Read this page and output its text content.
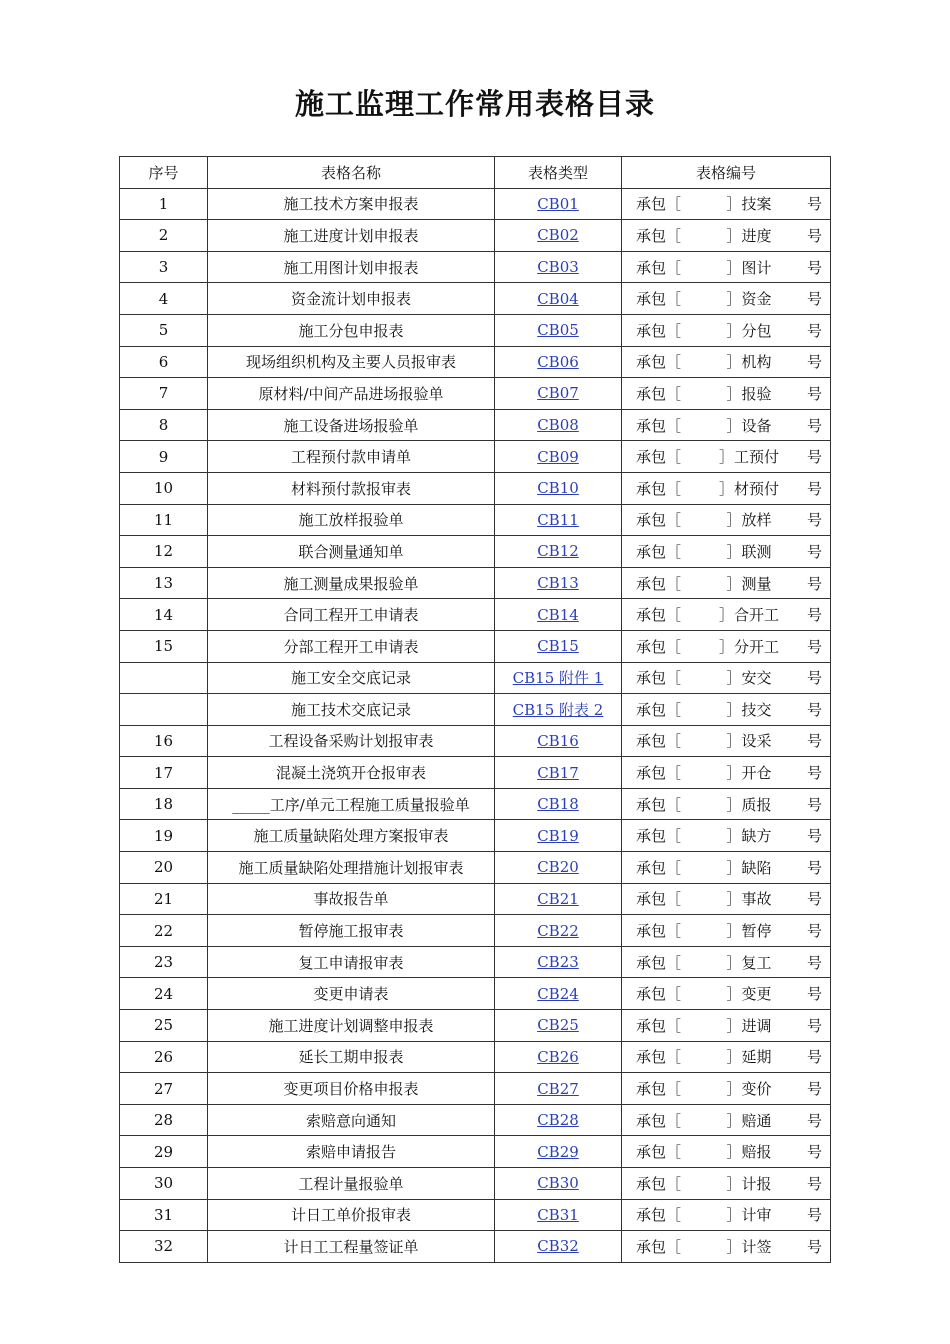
施工监理工作常用表格目录
序号	表格名称	表格类型	表格编号
1	施工技术方案申报表	CB01	承包［ ］技案 号

2	施工进度计划申报表	CB02	承包［ ］进度 号

3	施工用图计划申报表	CB03	承包［ ］图计 号

4	资金流计划申报表	CB04	承包［ ］资金 号

5	施工分包申报表	CB05	承包［ ］分包 号

6	现场组织机构及主要人员报审表	CB06	承包［ ］机构 号

7	原材料/中间产品进场报验单	CB07	承包［ ］报验 号

8	施工设备进场报验单	CB08	承包［ ］设备 号

9	工程预付款申请单	CB09	承包［ ］工预付 号

10	材料预付款报审表	CB10	承包［ ］材预付 号

11	施工放样报验单	CB11	承包［ ］放样 号

12	联合测量通知单	CB12	承包［ ］联测 号

13	施工测量成果报验单	CB13	承包［ ］测量 号

14	合同工程开工申请表	CB14	承包［ ］合开工 号

15	分部工程开工申请表	CB15	承包［ ］分开工 号

	施工安全交底记录	CB15 附件 1	承包［ ］安交 号

	施工技术交底记录	CB15 附表 2	承包［ ］技交 号

16	工程设备采购计划报审表	CB16	承包［ ］设采 号

17	混凝土浇筑开仓报审表	CB17	承包［ ］开仓 号

18	_____工序/单元工程施工质量报验单	CB18	承包［ ］质报 号

19	施工质量缺陷处理方案报审表	CB19	承包［ ］缺方 号

20	施工质量缺陷处理措施计划报审表	CB20	承包［ ］缺陷 号

21	事故报告单	CB21	承包［ ］事故 号

22	暂停施工报审表	CB22	承包［ ］暂停 号

23	复工申请报审表	CB23	承包［ ］复工 号

24	变更申请表	CB24	承包［ ］变更 号

25	施工进度计划调整申报表	CB25	承包［ ］进调 号

26	延长工期申报表	CB26	承包［ ］延期 号

27	变更项目价格申报表	CB27	承包［ ］变价 号

28	索赔意向通知	CB28	承包［ ］赔通 号

29	索赔申请报告	CB29	承包［ ］赔报 号

30	工程计量报验单	CB30	承包［ ］计报 号

31	计日工单价报审表	CB31	承包［ ］计审 号

32	计日工工程量签证单	CB32	承包［ ］计签 号
